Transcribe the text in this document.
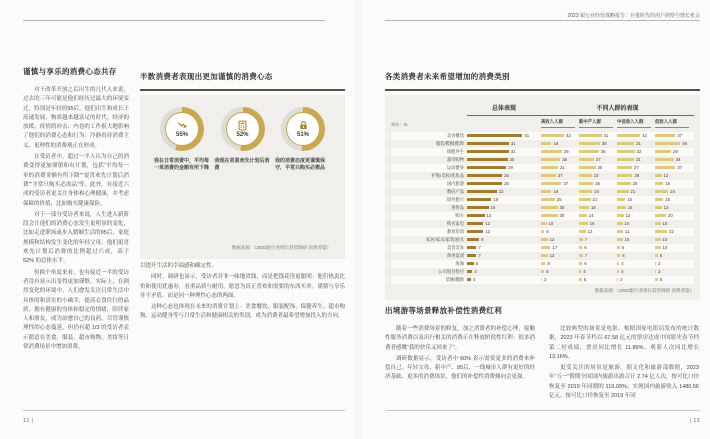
2023 银行业经营战略报告：存量时代的用户洞察与增长机会
谨慎与享乐的消费心态共存

对于改革开放之后出生的几代人来说，过去的三年可能是他们经历过最大的环境变迁。特别是年轻的95后，他们出生和成长于高速发展、物质越来越富足的时代。经济的放缓、疫情的冲击、内卷的工作很大地影响了他们的消费心态和行为：冷静看待消费主义、更理性的消费观正在形成。

在受访者中，超过一半人认为自己的消费变得更加谨慎和有计划，包括“平均每一单的消费金额有所下降”“更喜欢先计划后消费”“平常只购买必需品”等。此外，有接近六成的受访者更关注身体和心理健康，并考虑保障的价值，比如购买健康保险。

对于一部分受访者来说，人生进入新阶段会让他们的消费心态发生更明显的变化，比如走进职场或步入婚姻生活的95后、家庭规模和结构发生变化的年轻父母，他们更喜欢先计划后消费的比例超过六成，高于 52% 的总体水平。

但换个角度来看，也有接近一半的受访者没有显示出变得更加谨慎。实际上，在剧烈变化的环境中，人们愈发关注日常生活中具体的和真实的小确幸，提高衣食住行的品质，拥有健康的身体和稳定的情绪，陪伴家人和朋友，成为治愈自己的良药。尽管谨慎理性的心态蔓延，但仍有超 1/3 的受访者表示愿意在美食、服装、超市购物、美妆等日常消费场景中增加消费，

半数消费者表现出更加谨慎的消费心态
55%
我在日常消费中，平均每一单消费的金额有所下降
52%
我现在更喜欢先计划后消费
51%
我的消费态度更谨慎保守，平常只购买必需品
数据来源：《2023银行业增长趋势调研·消费者篇》

以提升生活的幸福感和确定性。

同时，调研也显示，受访者并非一味地省钱，而是把钱花得更聪明：他们热衷比价和使用优惠券，看重品质与耐用，愿意为真正喜欢和需要的东西买单。谨慎与享乐并不矛盾，而是同一种理性心态的两面。

这种心态也体现在未来的消费计划上：美食餐饮、服装配饰、保健养生、超市购物、运动健身等与日常生活和健康相关的类别，成为消费者最希望增加投入的方向。

各类消费者未来希望增加的消费类别
总体表现	不同人群的表现
单位：%
高收入人群	新中产人群	中低收入人群	低收入人群
美食餐饮	41	42	41	42	37
服装/鞋帽/配饰	31	19	38	31	46
保健养生	31	38	36	32	29
超市购物	30	35	27	31	34
运动健身	29	31	30	27	37
护肤/美妆/化妆品	26	27	23	28	12
国内旅游	26	37	26	25	15
数码产品	22	19	24	21	24
境外旅行	18	25	21	15	15
奢侈品	16	30	18	16	12
购车	13	30	14	12	20
购买家电	12	10	16	10	10
教育培训	12	6	12	11	22
家居/家具/家装/厨具	9	12	7	10	10
美容美发	7	17	6	5	10
商务宴请	7	12	7	6	5
海淘	5	8	6	4	2
公司项目垫付	4	6	4	4	2
装修/翻新	3	2	5	2	5
数据来源：《2023银行业增长趋势调研·消费者篇》
出境游等场景释放补偿性消费红利

随着一些消费场景的修复，加之消费者的补偿心理，接触性服务消费以及出行相关的消费正在释放阶段性红利：很多消费者感慨“我的快乐又回来了”。

调研数据显示，受访者中 60% 表示需要更多的消费来补偿自己。年轻父母、新中产、95后、一线城市人群有更好的经济基础、更多的消费场景，他们的补偿性消费倾向会更强。

比较典型的场景是电影。根据国家电影局发布的统计数据，2023 年春节档以 67.58 亿元的票房达成中国影史春节档第二好成绩，票房同比增长 11.89%，观影人次同比增长 13.16%。

更受关注的场景是旅游。据文化和旅游部数据，2023 年“五一”假期全国国内旅游出游合计 2.74 亿人次，按可比口径恢复至 2019 年同期的 119.09%；实现国内旅游收入 1480.56 亿元，按可比口径恢复至 2019 年同

12 |	| 13
